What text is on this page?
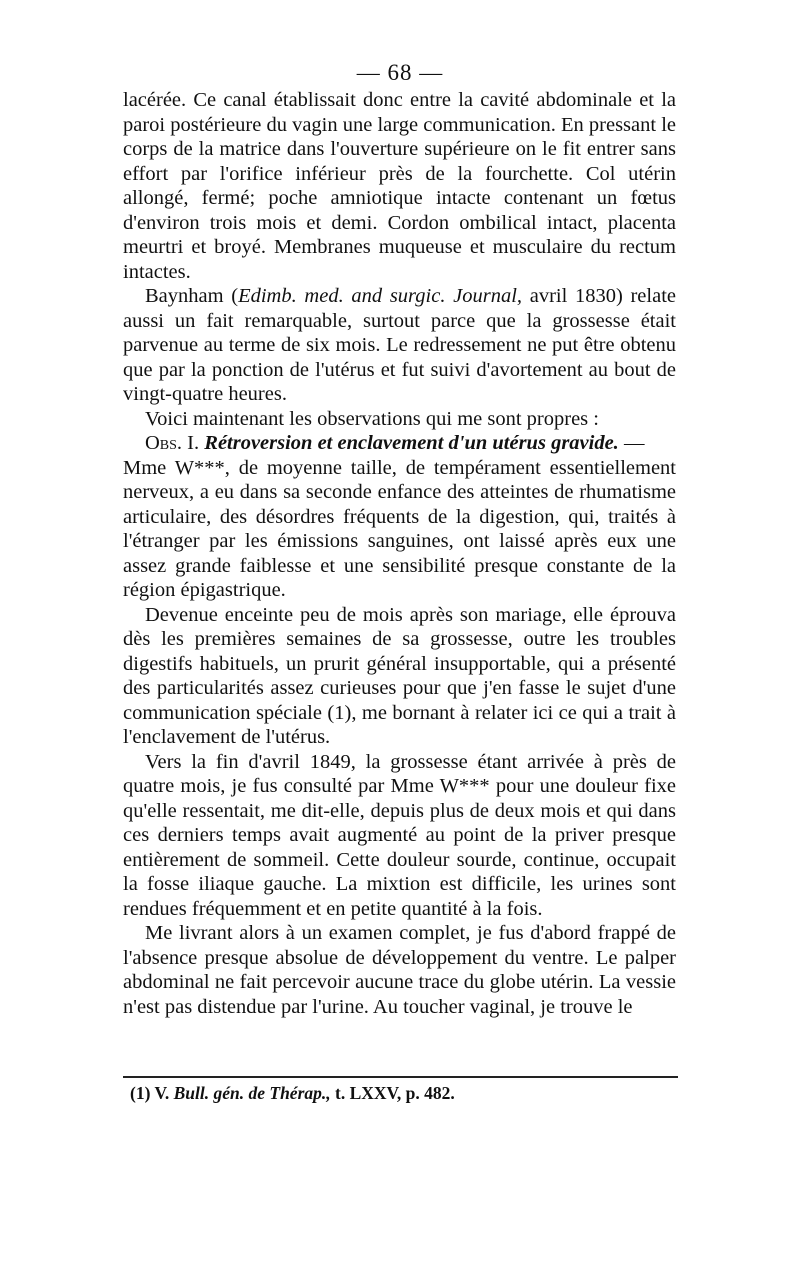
— 68 —

lacérée. Ce canal établissait donc entre la cavité abdominale et la paroi postérieure du vagin une large communication. En pressant le corps de la matrice dans l'ouverture supérieure on le fit entrer sans effort par l'orifice inférieur près de la fourchette. Col utérin allongé, fermé; poche amniotique intacte contenant un fœtus d'environ trois mois et demi. Cordon ombilical intact, placenta meurtri et broyé. Membranes muqueuse et musculaire du rectum intactes.

Baynham (Edimb. med. and surgic. Journal, avril 1830) relate aussi un fait remarquable, surtout parce que la grossesse était parvenue au terme de six mois. Le redressement ne put être obtenu que par la ponction de l'utérus et fut suivi d'avortement au bout de vingt-quatre heures.

Voici maintenant les observations qui me sont propres :

Obs. I. Rétroversion et enclavement d'un utérus gravide. —
Mme W***, de moyenne taille, de tempérament essentiellement nerveux, a eu dans sa seconde enfance des atteintes de rhumatisme articulaire, des désordres fréquents de la digestion, qui, traités à l'étranger par les émissions sanguines, ont laissé après eux une assez grande faiblesse et une sensibilité presque constante de la région épigastrique.

Devenue enceinte peu de mois après son mariage, elle éprouva dès les premières semaines de sa grossesse, outre les troubles digestifs habituels, un prurit général insupportable, qui a présenté des particularités assez curieuses pour que j'en fasse le sujet d'une communication spéciale (1), me bornant à relater ici ce qui a trait à l'enclavement de l'utérus.

Vers la fin d'avril 1849, la grossesse étant arrivée à près de quatre mois, je fus consulté par Mme W*** pour une douleur fixe qu'elle ressentait, me dit-elle, depuis plus de deux mois et qui dans ces derniers temps avait augmenté au point de la priver presque entièrement de sommeil. Cette douleur sourde, continue, occupait la fosse iliaque gauche. La mixtion est difficile, les urines sont rendues fréquemment et en petite quantité à la fois.

Me livrant alors à un examen complet, je fus d'abord frappé de l'absence presque absolue de développement du ventre. Le palper abdominal ne fait percevoir aucune trace du globe utérin. La vessie n'est pas distendue par l'urine. Au toucher vaginal, je trouve le

(1) V. Bull. gén. de Thérap., t. LXXV, p. 482.
